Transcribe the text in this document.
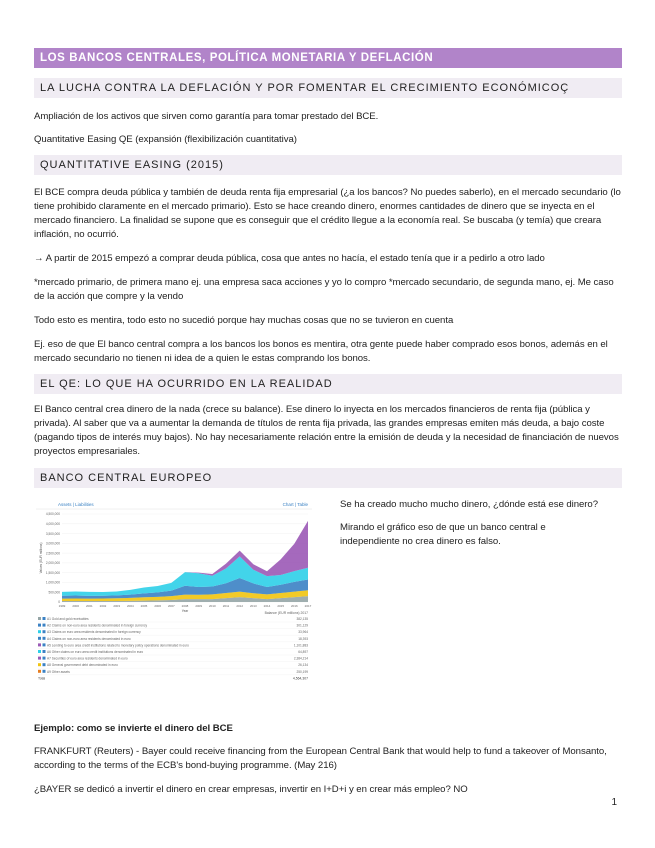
LOS BANCOS CENTRALES, POLÍTICA MONETARIA Y DEFLACIÓN
LA LUCHA CONTRA LA DEFLACIÓN Y POR FOMENTAR EL CRECIMIENTO ECONÓMICOÇ

Ampliación de los activos que sirven como garantía para tomar prestado del BCE.

Quantitative Easing QE (expansión (flexibilización cuantitativa)

QUANTITATIVE EASING (2015)

El BCE compra deuda pública y también de deuda renta fija empresarial (¿a los bancos? No puedes saberlo), en el mercado secundario (lo tiene prohibido claramente en el mercado primario). Esto se hace creando dinero, enormes cantidades de dinero que se inyecta en el mercado financiero. La finalidad se supone que es conseguir que el crédito llegue a la economía real. Se buscaba (y temía) que creara inflación, no ocurrió.

→ A partir de 2015 empezó a comprar deuda pública, cosa que antes no hacía, el estado tenía que ir a pedirlo a otro lado

*mercado primario, de primera mano ej. una empresa saca acciones y yo lo compro *mercado secundario, de segunda mano, ej. Me caso de la acción que compre y la vendo

Todo esto es mentira, todo esto no sucedió porque hay muchas cosas que no se tuvieron en cuenta

Ej. eso de que El banco central compra a los bancos los bonos es mentira, otra gente puede haber comprado esos bonos, además en el mercado secundario no tienen ni idea de a quien le estas comprando los bonos.

EL QE: LO QUE HA OCURRIDO EN LA REALIDAD

El Banco central crea dinero de la nada (crece su balance). Ese dinero lo inyecta en los mercados financieros de renta fija (pública y privada). Al saber que va a aumentar la demanda de títulos de renta fija privada, las grandes empresas emiten más deuda, a bajo coste (pagando tipos de interés muy bajos). No hay necesariamente relación entre la emisión de deuda y la necesidad de financiación de nuevos proyectos empresariales.

BANCO CENTRAL EUROPEO
Assets | Liabilities	Chart | Table
4,500,000
4,000,000
3,500,000
3,000,000
2,500,000
2,000,000
1,500,000
1,000,000
500,000
0
Values (EUR millions)
1999 2000 2001 2002 2003 2004 2005 2006 2007 2008 2009 2010 2011 2012 2013 2014 2015 2016 2017
Year	Balance (EUR millions) 2017
A1 Gold and gold receivables	382,135
A2 Claims on non-euro area residents denominated in foreign currency	301,129
A3 Claims on euro area residents denominated in foreign currency	33,964
A4 Claims on non-euro area residents denominated in euro	18,393
A5 Lending to euro area credit institutions related to monetary policy operations denominated in euro	1,101,883
A6 Other claims on euro area credit institutions denominated in euro	64,897
A7 Securities of euro area residents denominated in euro	2,384,214
A8 General government debt denominated in euro	26,134
A9 Other assets	250,199
Total	4,564,307

Se ha creado mucho mucho dinero, ¿dónde está ese dinero?

Mirando el gráfico eso de que un banco central e independiente no crea dinero es falso.

Ejemplo: como se invierte el dinero del BCE

FRANKFURT (Reuters) - Bayer could receive financing from the European Central Bank that would help to fund a takeover of Monsanto, according to the terms of the ECB's bond-buying programme. (May 216)

¿BAYER se dedicó a invertir el dinero en crear empresas, invertir en I+D+i y en crear más empleo? NO

1
